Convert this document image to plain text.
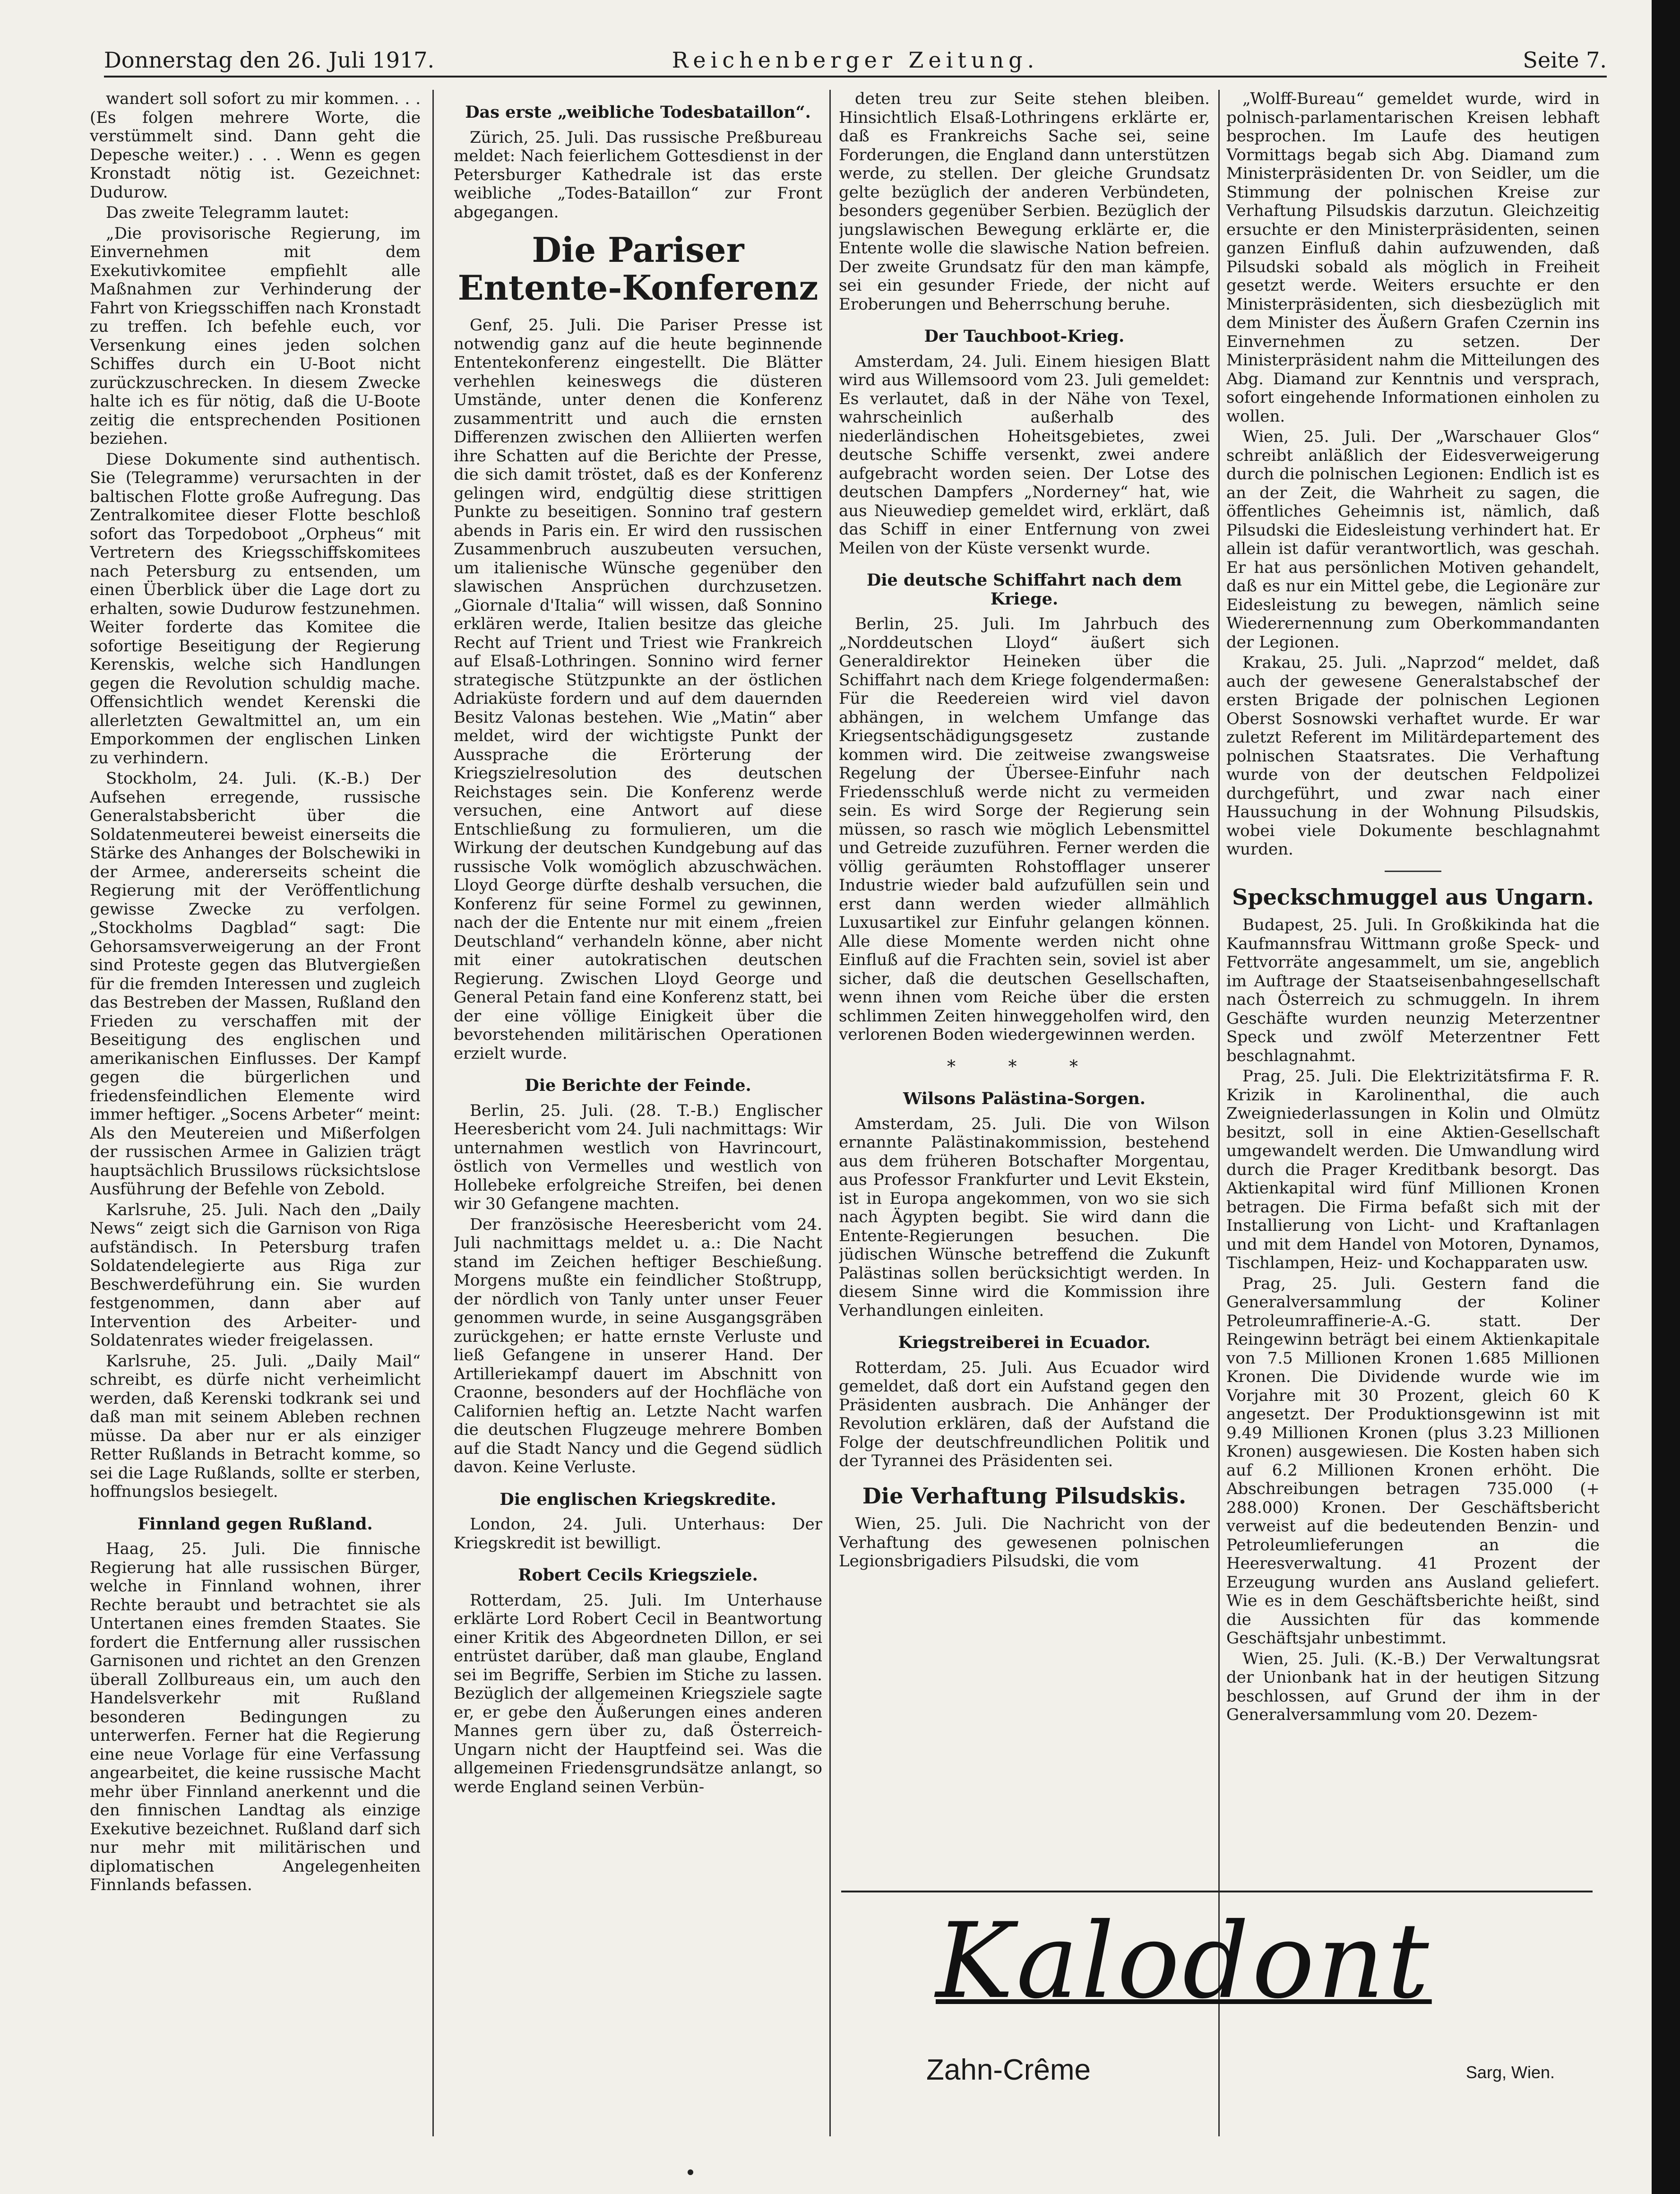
Donnerstag den 26. Juli 1917.	Reichenberger Zeitung.	Seite 7.

wandert soll sofort zu mir kommen. . . (Es folgen mehrere Worte, die verstümmelt sind. Dann geht die Depesche weiter.) . . . Wenn es gegen Kronstadt nötig ist. Gezeichnet: Dudurow.

Das zweite Telegramm lautet:

„Die provisorische Regierung, im Einvernehmen mit dem Exekutivkomitee empfiehlt alle Maßnahmen zur Verhinderung der Fahrt von Kriegsschiffen nach Kronstadt zu treffen. Ich befehle euch, vor Versenkung eines jeden solchen Schiffes durch ein U-Boot nicht zurückzuschrecken. In diesem Zwecke halte ich es für nötig, daß die U-Boote zeitig die entsprechenden Positionen beziehen.

Diese Dokumente sind authentisch. Sie (Telegramme) verursachten in der baltischen Flotte große Aufregung. Das Zentralkomitee dieser Flotte beschloß sofort das Torpedoboot „Orpheus“ mit Vertretern des Kriegsschiffskomitees nach Petersburg zu entsenden, um einen Überblick über die Lage dort zu erhalten, sowie Dudurow festzunehmen. Weiter forderte das Komitee die sofortige Beseitigung der Regierung Kerenskis, welche sich Handlungen gegen die Revolution schuldig mache. Offensichtlich wendet Kerenski die allerletzten Gewaltmittel an, um ein Emporkommen der englischen Linken zu verhindern.

Stockholm, 24. Juli. (K.-B.) Der Aufsehen erregende, russische Generalstabsbericht über die Soldatenmeuterei beweist einerseits die Stärke des Anhanges der Bolschewiki in der Armee, andererseits scheint die Regierung mit der Veröffentlichung gewisse Zwecke zu verfolgen. „Stockholms Dagblad“ sagt: Die Gehorsamsverweigerung an der Front sind Proteste gegen das Blutvergießen für die fremden Interessen und zugleich das Bestreben der Massen, Rußland den Frieden zu verschaffen mit der Beseitigung des englischen und amerikanischen Einflusses. Der Kampf gegen die bürgerlichen und friedensfeindlichen Elemente wird immer heftiger. „Socens Arbeter“ meint: Als den Meutereien und Mißerfolgen der russischen Armee in Galizien trägt hauptsächlich Brussilows rücksichtslose Ausführung der Befehle von Zebold.

Karlsruhe, 25. Juli. Nach den „Daily News“ zeigt sich die Garnison von Riga aufständisch. In Petersburg trafen Soldatendelegierte aus Riga zur Beschwerdeführung ein. Sie wurden festgenommen, dann aber auf Intervention des Arbeiter- und Soldatenrates wieder freigelassen.

Karlsruhe, 25. Juli. „Daily Mail“ schreibt, es dürfe nicht verheimlicht werden, daß Kerenski todkrank sei und daß man mit seinem Ableben rechnen müsse. Da aber nur er als einziger Retter Rußlands in Betracht komme, so sei die Lage Rußlands, sollte er sterben, hoffnungslos besiegelt.

Finnland gegen Rußland.

Haag, 25. Juli. Die finnische Regierung hat alle russischen Bürger, welche in Finnland wohnen, ihrer Rechte beraubt und betrachtet sie als Untertanen eines fremden Staates. Sie fordert die Entfernung aller russischen Garnisonen und richtet an den Grenzen überall Zollbureaus ein, um auch den Handelsverkehr mit Rußland besonderen Bedingungen zu unterwerfen. Ferner hat die Regierung eine neue Vorlage für eine Verfassung angearbeitet, die keine russische Macht mehr über Finnland anerkennt und die den finnischen Landtag als einzige Exekutive bezeichnet. Rußland darf sich nur mehr mit militärischen und diplomatischen Angelegenheiten Finnlands befassen.

Das erste „weibliche Todesbataillon“.

Zürich, 25. Juli. Das russische Preßbureau meldet: Nach feierlichem Gottesdienst in der Petersburger Kathedrale ist das erste weibliche „Todes-Bataillon“ zur Front abgegangen.

Die Pariser Entente-Konferenz

Genf, 25. Juli. Die Pariser Presse ist notwendig ganz auf die heute beginnende Ententekonferenz eingestellt. Die Blätter verhehlen keineswegs die düsteren Umstände, unter denen die Konferenz zusammentritt und auch die ernsten Differenzen zwischen den Alliierten werfen ihre Schatten auf die Berichte der Presse, die sich damit tröstet, daß es der Konferenz gelingen wird, endgültig diese strittigen Punkte zu beseitigen. Sonnino traf gestern abends in Paris ein. Er wird den russischen Zusammenbruch auszubeuten versuchen, um italienische Wünsche gegenüber den slawischen Ansprüchen durchzusetzen. „Giornale d'Italia“ will wissen, daß Sonnino erklären werde, Italien besitze das gleiche Recht auf Trient und Triest wie Frankreich auf Elsaß-Lothringen. Sonnino wird ferner strategische Stützpunkte an der östlichen Adriaküste fordern und auf dem dauernden Besitz Valonas bestehen. Wie „Matin“ aber meldet, wird der wichtigste Punkt der Aussprache die Erörterung der Kriegszielresolution des deutschen Reichstages sein. Die Konferenz werde versuchen, eine Antwort auf diese Entschließung zu formulieren, um die Wirkung der deutschen Kundgebung auf das russische Volk womöglich abzuschwächen. Lloyd George dürfte deshalb versuchen, die Konferenz für seine Formel zu gewinnen, nach der die Entente nur mit einem „freien Deutschland“ verhandeln könne, aber nicht mit einer autokratischen deutschen Regierung. Zwischen Lloyd George und General Petain fand eine Konferenz statt, bei der eine völlige Einigkeit über die bevorstehenden militärischen Operationen erzielt wurde.

Die Berichte der Feinde.

Berlin, 25. Juli. (28. T.-B.) Englischer Heeresbericht vom 24. Juli nachmittags: Wir unternahmen westlich von Havrincourt, östlich von Vermelles und westlich von Hollebeke erfolgreiche Streifen, bei denen wir 30 Gefangene machten.

Der französische Heeresbericht vom 24. Juli nachmittags meldet u. a.: Die Nacht stand im Zeichen heftiger Beschießung. Morgens mußte ein feindlicher Stoßtrupp, der nördlich von Tanly unter unser Feuer genommen wurde, in seine Ausgangsgräben zurückgehen; er hatte ernste Verluste und ließ Gefangene in unserer Hand. Der Artilleriekampf dauert im Abschnitt von Craonne, besonders auf der Hochfläche von Californien heftig an. Letzte Nacht warfen die deutschen Flugzeuge mehrere Bomben auf die Stadt Nancy und die Gegend südlich davon. Keine Verluste.

Die englischen Kriegskredite.

London, 24. Juli. Unterhaus: Der Kriegskredit ist bewilligt.

Robert Cecils Kriegsziele.

Rotterdam, 25. Juli. Im Unterhause erklärte Lord Robert Cecil in Beantwortung einer Kritik des Abgeordneten Dillon, er sei entrüstet darüber, daß man glaube, England sei im Begriffe, Serbien im Stiche zu lassen. Bezüglich der allgemeinen Kriegsziele sagte er, er gebe den Äußerungen eines anderen Mannes gern über zu, daß Österreich-Ungarn nicht der Hauptfeind sei. Was die allgemeinen Friedensgrundsätze anlangt, so werde England seinen Verbün-

deten treu zur Seite stehen bleiben. Hinsichtlich Elsaß-Lothringens erklärte er, daß es Frankreichs Sache sei, seine Forderungen, die England dann unterstützen werde, zu stellen. Der gleiche Grundsatz gelte bezüglich der anderen Verbündeten, besonders gegenüber Serbien. Bezüglich der jungslawischen Bewegung erklärte er, die Entente wolle die slawische Nation befreien. Der zweite Grundsatz für den man kämpfe, sei ein gesunder Friede, der nicht auf Eroberungen und Beherrschung beruhe.

Der Tauchboot-Krieg.

Amsterdam, 24. Juli. Einem hiesigen Blatt wird aus Willemsoord vom 23. Juli gemeldet: Es verlautet, daß in der Nähe von Texel, wahrscheinlich außerhalb des niederländischen Hoheitsgebietes, zwei deutsche Schiffe versenkt, zwei andere aufgebracht worden seien. Der Lotse des deutschen Dampfers „Norderney“ hat, wie aus Nieuwediep gemeldet wird, erklärt, daß das Schiff in einer Entfernung von zwei Meilen von der Küste versenkt wurde.

Die deutsche Schiffahrt nach dem Kriege.

Berlin, 25. Juli. Im Jahrbuch des „Norddeutschen Lloyd“ äußert sich Generaldirektor Heineken über die Schiffahrt nach dem Kriege folgendermaßen: Für die Reedereien wird viel davon abhängen, in welchem Umfange das Kriegsentschädigungsgesetz zustande kommen wird. Die zeitweise zwangsweise Regelung der Übersee-Einfuhr nach Friedensschluß werde nicht zu vermeiden sein. Es wird Sorge der Regierung sein müssen, so rasch wie möglich Lebensmittel und Getreide zuzuführen. Ferner werden die völlig geräumten Rohstofflager unserer Industrie wieder bald aufzufüllen sein und erst dann werden wieder allmählich Luxusartikel zur Einfuhr gelangen können. Alle diese Momente werden nicht ohne Einfluß auf die Frachten sein, soviel ist aber sicher, daß die deutschen Gesellschaften, wenn ihnen vom Reiche über die ersten schlimmen Zeiten hinweggeholfen wird, den verlorenen Boden wiedergewinnen werden.

* * *
Wilsons Palästina-Sorgen.

Amsterdam, 25. Juli. Die von Wilson ernannte Palästinakommission, bestehend aus dem früheren Botschafter Morgentau, aus Professor Frankfurter und Levit Ekstein, ist in Europa angekommen, von wo sie sich nach Ägypten begibt. Sie wird dann die Entente-Regierungen besuchen. Die jüdischen Wünsche betreffend die Zukunft Palästinas sollen berücksichtigt werden. In diesem Sinne wird die Kommission ihre Verhandlungen einleiten.

Kriegstreiberei in Ecuador.

Rotterdam, 25. Juli. Aus Ecuador wird gemeldet, daß dort ein Aufstand gegen den Präsidenten ausbrach. Die Anhänger der Revolution erklären, daß der Aufstand die Folge der deutschfreundlichen Politik und der Tyrannei des Präsidenten sei.

Die Verhaftung Pilsudskis.

Wien, 25. Juli. Die Nachricht von der Verhaftung des gewesenen polnischen Legionsbrigadiers Pilsudski, die vom

„Wolff-Bureau“ gemeldet wurde, wird in polnisch-parlamentarischen Kreisen lebhaft besprochen. Im Laufe des heutigen Vormittags begab sich Abg. Diamand zum Ministerpräsidenten Dr. von Seidler, um die Stimmung der polnischen Kreise zur Verhaftung Pilsudskis darzutun. Gleichzeitig ersuchte er den Ministerpräsidenten, seinen ganzen Einfluß dahin aufzuwenden, daß Pilsudski sobald als möglich in Freiheit gesetzt werde. Weiters ersuchte er den Ministerpräsidenten, sich diesbezüglich mit dem Minister des Äußern Grafen Czernin ins Einvernehmen zu setzen. Der Ministerpräsident nahm die Mitteilungen des Abg. Diamand zur Kenntnis und versprach, sofort eingehende Informationen einholen zu wollen.

Wien, 25. Juli. Der „Warschauer Glos“ schreibt anläßlich der Eidesverweigerung durch die polnischen Legionen: Endlich ist es an der Zeit, die Wahrheit zu sagen, die öffentliches Geheimnis ist, nämlich, daß Pilsudski die Eidesleistung verhindert hat. Er allein ist dafür verantwortlich, was geschah. Er hat aus persönlichen Motiven gehandelt, daß es nur ein Mittel gebe, die Legionäre zur Eidesleistung zu bewegen, nämlich seine Wiederernennung zum Oberkommandanten der Legionen.

Krakau, 25. Juli. „Naprzod“ meldet, daß auch der gewesene Generalstabschef der ersten Brigade der polnischen Legionen Oberst Sosnowski verhaftet wurde. Er war zuletzt Referent im Militärdepartement des polnischen Staatsrates. Die Verhaftung wurde von der deutschen Feldpolizei durchgeführt, und zwar nach einer Haussuchung in der Wohnung Pilsudskis, wobei viele Dokumente beschlagnahmt wurden.

Speckschmuggel aus Ungarn.

Budapest, 25. Juli. In Großkikinda hat die Kaufmannsfrau Wittmann große Speck- und Fettvorräte angesammelt, um sie, angeblich im Auftrage der Staatseisenbahngesellschaft nach Österreich zu schmuggeln. In ihrem Geschäfte wurden neunzig Meterzentner Speck und zwölf Meterzentner Fett beschlagnahmt.

Prag, 25. Juli. Die Elektrizitätsfirma F. R. Krizik in Karolinenthal, die auch Zweigniederlassungen in Kolin und Olmütz besitzt, soll in eine Aktien-Gesellschaft umgewandelt werden. Die Umwandlung wird durch die Prager Kreditbank besorgt. Das Aktienkapital wird fünf Millionen Kronen betragen. Die Firma befaßt sich mit der Installierung von Licht- und Kraftanlagen und mit dem Handel von Motoren, Dynamos, Tischlampen, Heiz- und Kochapparaten usw.

Prag, 25. Juli. Gestern fand die Generalversammlung der Koliner Petroleumraffinerie-A.-G. statt. Der Reingewinn beträgt bei einem Aktienkapitale von 7.5 Millionen Kronen 1.685 Millionen Kronen. Die Dividende wurde wie im Vorjahre mit 30 Prozent, gleich 60 K angesetzt. Der Produktionsgewinn ist mit 9.49 Millionen Kronen (plus 3.23 Millionen Kronen) ausgewiesen. Die Kosten haben sich auf 6.2 Millionen Kronen erhöht. Die Abschreibungen betragen 735.000 (+ 288.000) Kronen. Der Geschäftsbericht verweist auf die bedeutenden Benzin- und Petroleumlieferungen an die Heeresverwaltung. 41 Prozent der Erzeugung wurden ans Ausland geliefert. Wie es in dem Geschäftsberichte heißt, sind die Aussichten für das kommende Geschäftsjahr unbestimmt.

Wien, 25. Juli. (K.-B.) Der Verwaltungsrat der Unionbank hat in der heutigen Sitzung beschlossen, auf Grund der ihm in der Generalversammlung vom 20. Dezem-

Kalodont
Zahn-Crême	Sarg, Wien.
